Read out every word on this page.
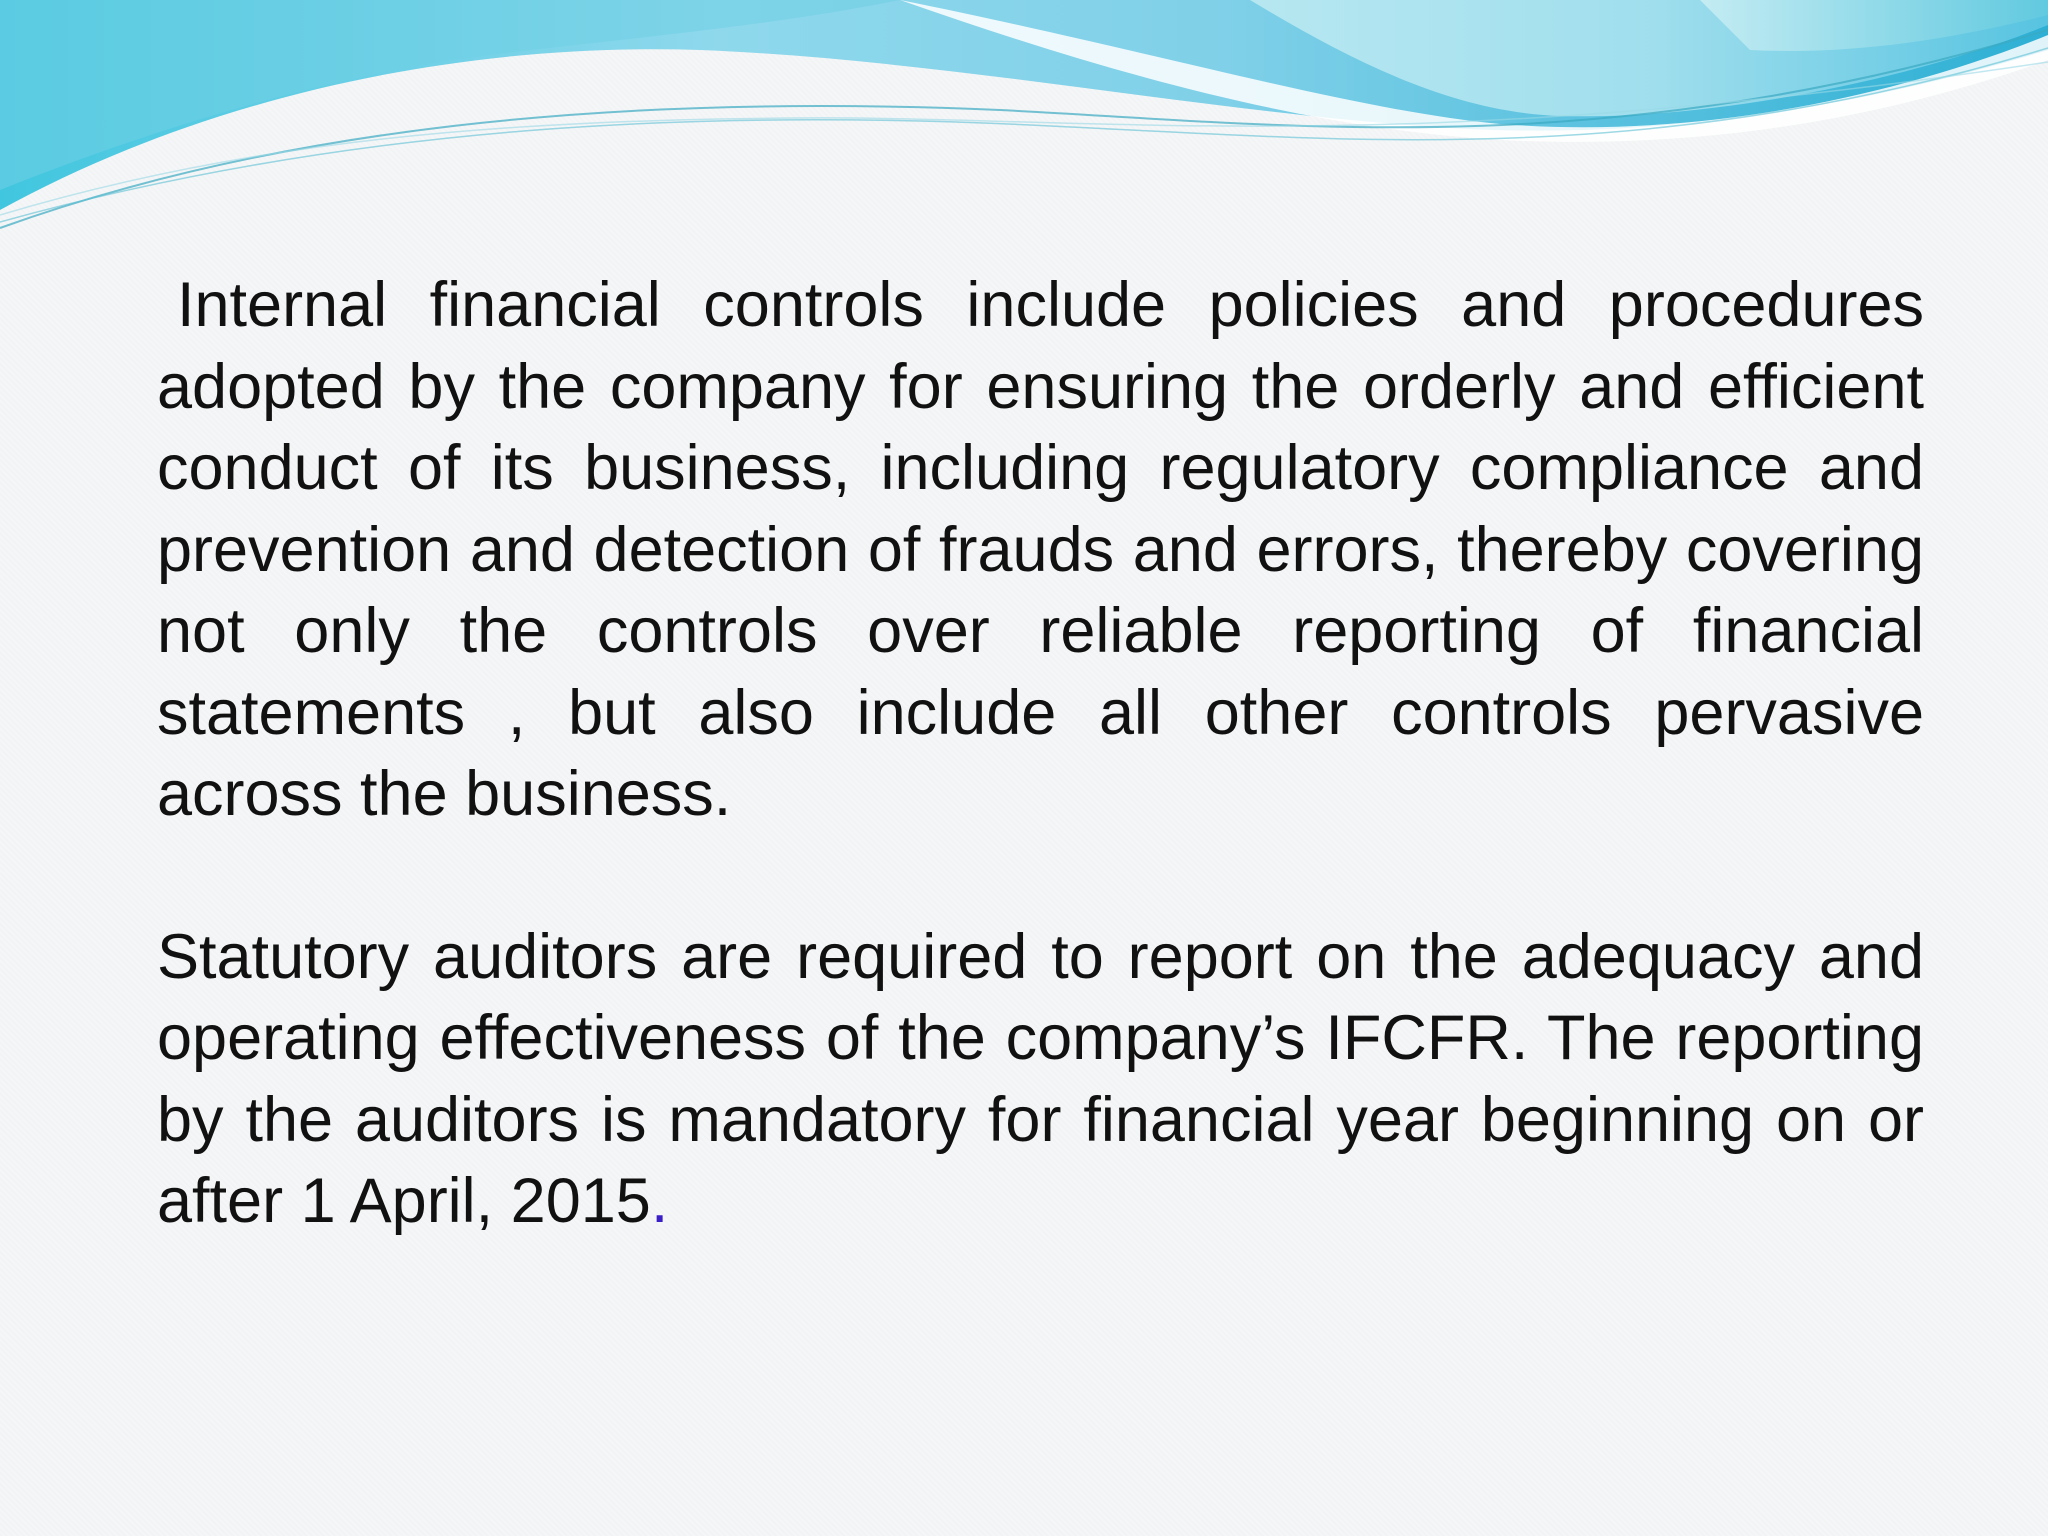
Internal financial controls include policies and procedures adopted by the company for ensuring the orderly and efficient conduct of its business, including regulatory compliance and prevention and detection of frauds and errors, thereby covering not only the controls over reliable reporting of financial statements , but also include all other controls pervasive across the business.

Statutory auditors are required to report on the adequacy and operating effectiveness of the company’s IFCFR. The reporting by the auditors is mandatory for financial year beginning on or after 1 April, 2015.
